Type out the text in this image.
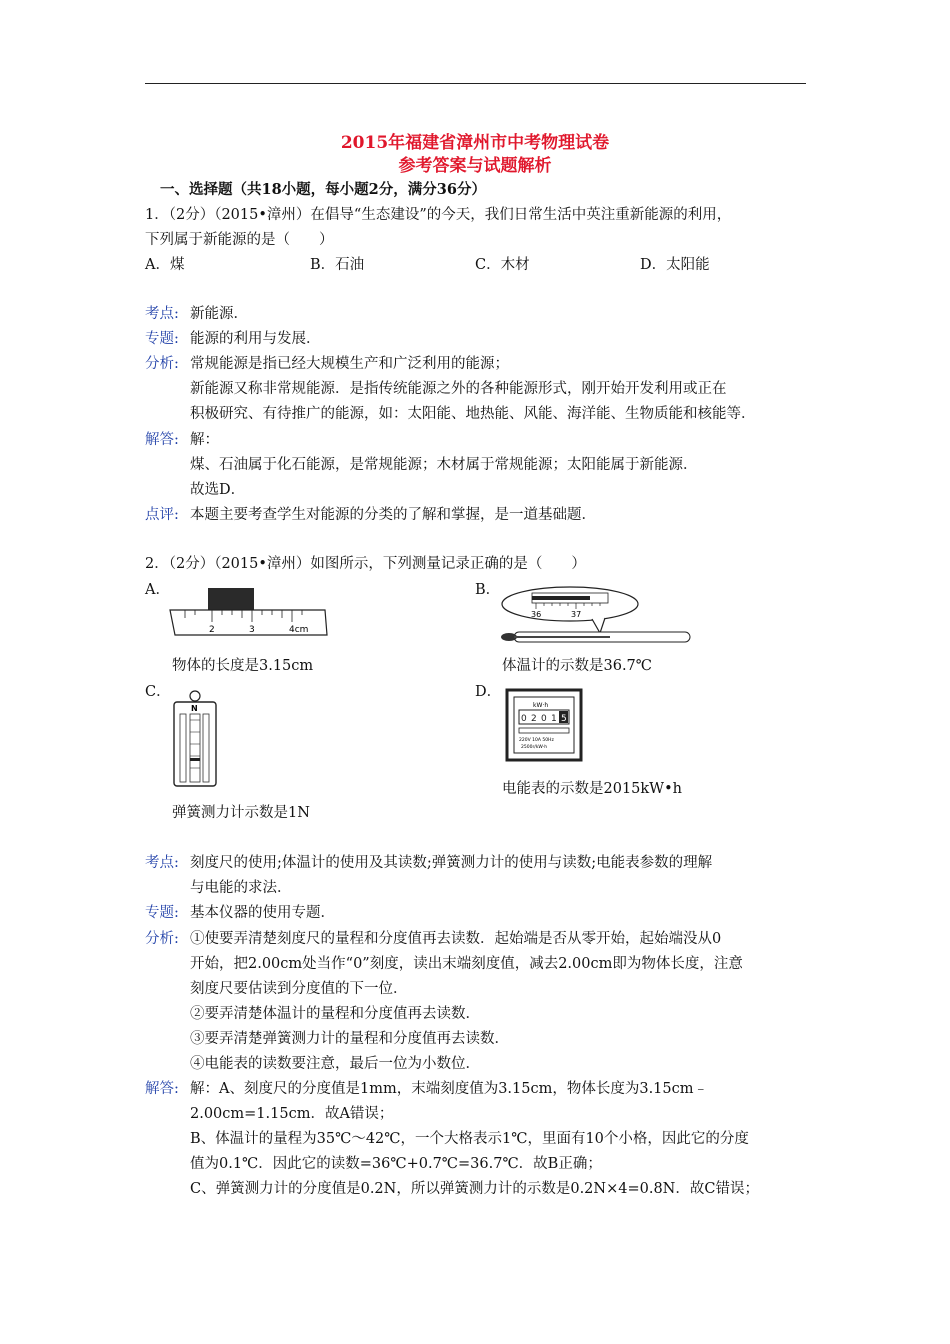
2015年福建省漳州市中考物理试卷
参考答案与试题解析
一、选择题（共18小题，每小题2分，满分36分）
1．（2分）（2015•漳州）在倡导“生态建设”的今天，我们日常生活中英注重新能源的利用，
下列属于新能源的是（　　）
A．煤	B．石油	C．木材	D．太阳能
考点: 新能源．
专题: 能源的利用与发展．
分析: 常规能源是指已经大规模生产和广泛利用的能源；
新能源又称非常规能源．是指传统能源之外的各种能源形式，刚开始开发利用或正在
积极研究、有待推广的能源，如：太阳能、地热能、风能、海洋能、生物质能和核能等．
解答: 解：
煤、石油属于化石能源，是常规能源；木材属于常规能源；太阳能属于新能源．
故选D．
点评: 本题主要考查学生对能源的分类的了解和掌握，是一道基础题．
2．（2分）（2015•漳州）如图所示，下列测量记录正确的是（　　）
A．	B．
2	3	4cm
36	37
物体的长度是3.15cm	体温计的示数是36.7℃
C．	D．
N	kW·h
0 2 0 1 5
220V 10A 50Hz
2500r/kW·h
电能表的示数是2015kW•h
弹簧测力计示数是1N
考点: 刻度尺的使用;体温计的使用及其读数;弹簧测力计的使用与读数;电能表参数的理解
与电能的求法．
专题: 基本仪器的使用专题．
分析: ①使要弄清楚刻度尺的量程和分度值再去读数．起始端是否从零开始，起始端没从0
开始，把2.00cm处当作“0”刻度，读出末端刻度值，减去2.00cm即为物体长度，注意
刻度尺要估读到分度值的下一位．
②要弄清楚体温计的量程和分度值再去读数．
③要弄清楚弹簧测力计的量程和分度值再去读数．
④电能表的读数要注意，最后一位为小数位．
解答: 解：A、刻度尺的分度值是1mm，末端刻度值为3.15cm，物体长度为3.15cm﹣
2.00cm=1.15cm．故A错误；
B、体温计的量程为35℃～42℃，一个大格表示1℃，里面有10个小格，因此它的分度
值为0.1℃．因此它的读数=36℃+0.7℃=36.7℃．故B正确；
C、弹簧测力计的分度值是0.2N，所以弹簧测力计的示数是0.2N×4=0.8N．故C错误；
